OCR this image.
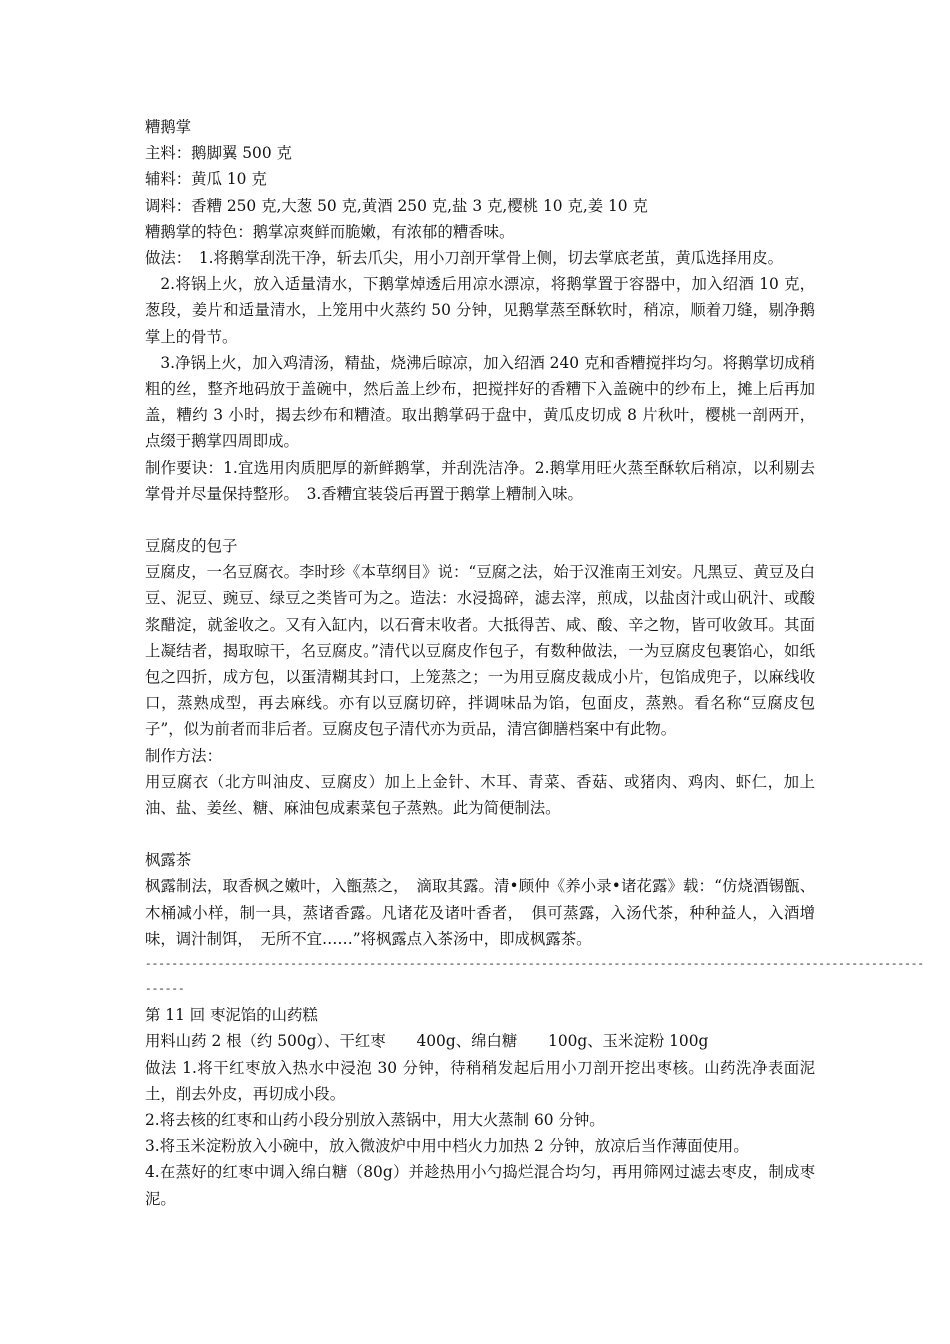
糟鹅掌

主料：鹅脚翼 500 克

辅料：黄瓜 10 克

调料：香糟 250 克,大葱 50 克,黄酒 250 克,盐 3 克,樱桃 10 克,姜 10 克

糟鹅掌的特色：鹅掌凉爽鲜而脆嫩，有浓郁的糟香味。

做法：　1.将鹅掌刮洗干净，斩去爪尖，用小刀剖开掌骨上侧，切去掌底老茧，黄瓜选择用皮。

2.将锅上火，放入适量清水，下鹅掌焯透后用凉水漂凉，将鹅掌置于容器中，加入绍酒 10 克，葱段，姜片和适量清水，上笼用中火蒸约 50 分钟，见鹅掌蒸至酥软时，稍凉，顺着刀缝，剔净鹅掌上的骨节。

3.净锅上火，加入鸡清汤，精盐，烧沸后晾凉，加入绍酒 240 克和香糟搅拌均匀。将鹅掌切成稍粗的丝，整齐地码放于盖碗中，然后盖上纱布，把搅拌好的香糟下入盖碗中的纱布上，摊上后再加盖，糟约 3 小时，揭去纱布和糟渣。取出鹅掌码于盘中，黄瓜皮切成 8 片秋叶，樱桃一剖两开，点缀于鹅掌四周即成。

制作要诀：1.宜选用肉质肥厚的新鲜鹅掌，并刮洗洁净。2.鹅掌用旺火蒸至酥软后稍凉，以利剔去掌骨并尽量保持整形。　3.香糟宜装袋后再置于鹅掌上糟制入味。

豆腐皮的包子

豆腐皮，一名豆腐衣。李时珍《本草纲目》说：“豆腐之法，始于汉淮南王刘安。凡黑豆、黄豆及白豆、泥豆、豌豆、绿豆之类皆可为之。造法：水浸捣碎，滤去滓，煎成，以盐卤汁或山矾汁、或酸浆醋淀，就釜收之。又有入缸内，以石膏末收者。大抵得苦、咸、酸、辛之物，皆可收敛耳。其面上凝结者，揭取晾干，名豆腐皮。”清代以豆腐皮作包子，有数种做法，一为豆腐皮包裹馅心，如纸包之四折，成方包，以蛋清糊其封口，上笼蒸之；一为用豆腐皮裁成小片，包馅成兜子，以麻线收口，蒸熟成型，再去麻线。亦有以豆腐切碎，拌调味品为馅，包面皮，蒸熟。看名称“豆腐皮包子”，似为前者而非后者。豆腐皮包子清代亦为贡品，清宫御膳档案中有此物。

制作方法：

用豆腐衣（北方叫油皮、豆腐皮）加上上金针、木耳、青菜、香菇、或猪肉、鸡肉、虾仁，加上油、盐、姜丝、糖、麻油包成素菜包子蒸熟。此为简便制法。

枫露茶

枫露制法，取香枫之嫩叶，入甑蒸之，　滴取其露。清•顾仲《养小录•诸花露》载：“仿烧酒锡甑、木桶减小样，制一具，蒸诸香露。凡诸花及诸叶香者，　俱可蒸露，入汤代茶，种种益人，入酒增味，调汁制饵，　无所不宜……”将枫露点入茶汤中，即成枫露茶。

----------------------------------------------------------------------------------------------------------------------
------

第 11 回 枣泥馅的山药糕

用料山药 2 根（约 500g）、干红枣　　400g、绵白糖　　100g、玉米淀粉 100g

做法 1.将干红枣放入热水中浸泡 30 分钟，待稍稍发起后用小刀剖开挖出枣核。山药洗净表面泥土，削去外皮，再切成小段。

2.将去核的红枣和山药小段分别放入蒸锅中，用大火蒸制 60 分钟。

3.将玉米淀粉放入小碗中，放入微波炉中用中档火力加热 2 分钟，放凉后当作薄面使用。

4.在蒸好的红枣中调入绵白糖（80g）并趁热用小勺捣烂混合均匀，再用筛网过滤去枣皮，制成枣泥。
